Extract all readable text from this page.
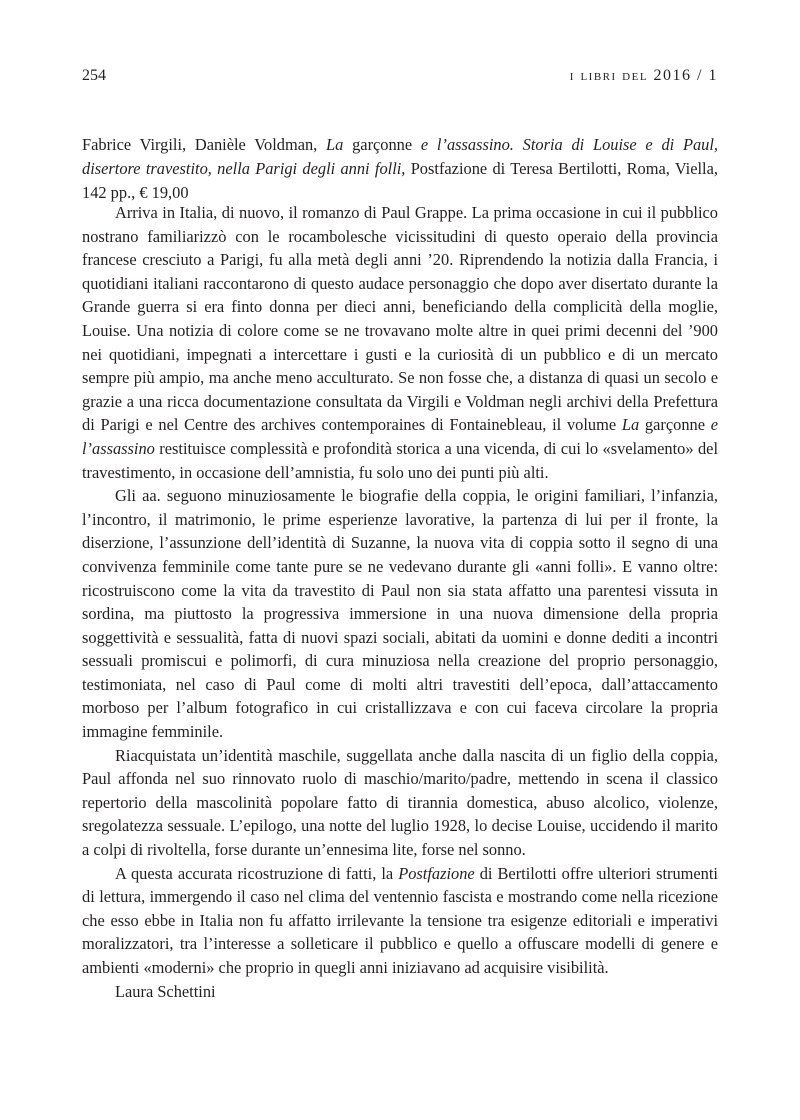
254	i libri del 2016 / 1

Fabrice Virgili, Danièle Voldman, La garçonne e l’assassino. Storia di Louise e di Paul, disertore travestito, nella Parigi degli anni folli, Postfazione di Teresa Bertilotti, Roma, Viella, 142 pp., € 19,00

Arriva in Italia, di nuovo, il romanzo di Paul Grappe. La prima occasione in cui il pubblico nostrano familiarizzò con le rocambolesche vicissitudini di questo operaio della provincia francese cresciuto a Parigi, fu alla metà degli anni ’20. Riprendendo la notizia dalla Francia, i quotidiani italiani raccontarono di questo audace personaggio che dopo aver disertato durante la Grande guerra si era finto donna per dieci anni, beneficiando della complicità della moglie, Louise. Una notizia di colore come se ne trovavano molte altre in quei primi decenni del ’900 nei quotidiani, impegnati a intercettare i gusti e la curiosità di un pubblico e di un mercato sempre più ampio, ma anche meno acculturato. Se non fosse che, a distanza di quasi un secolo e grazie a una ricca documentazione consultata da Virgili e Voldman negli archivi della Prefettura di Parigi e nel Centre des archives contemporaines di Fontainebleau, il volume La garçonne e l’assassino restituisce complessità e profondità storica a una vicenda, di cui lo «svelamento» del travestimento, in occasione dell’amnistia, fu solo uno dei punti più alti.

Gli aa. seguono minuziosamente le biografie della coppia, le origini familiari, l’infanzia, l’incontro, il matrimonio, le prime esperienze lavorative, la partenza di lui per il fronte, la diserzione, l’assunzione dell’identità di Suzanne, la nuova vita di coppia sotto il segno di una convivenza femminile come tante pure se ne vedevano durante gli «anni folli». E vanno oltre: ricostruiscono come la vita da travestito di Paul non sia stata affatto una parentesi vissuta in sordina, ma piuttosto la progressiva immersione in una nuova dimensione della propria soggettività e sessualità, fatta di nuovi spazi sociali, abitati da uomini e donne dediti a incontri sessuali promiscui e polimorfi, di cura minuziosa nella creazione del proprio personaggio, testimoniata, nel caso di Paul come di molti altri travestiti dell’epoca, dall’attaccamento morboso per l’album fotografico in cui cristallizzava e con cui faceva circolare la propria immagine femminile.

Riacquistata un’identità maschile, suggellata anche dalla nascita di un figlio della coppia, Paul affonda nel suo rinnovato ruolo di maschio/marito/padre, mettendo in scena il classico repertorio della mascolinità popolare fatto di tirannia domestica, abuso alcolico, violenze, sregolatezza sessuale. L’epilogo, una notte del luglio 1928, lo decise Louise, uccidendo il marito a colpi di rivoltella, forse durante un’ennesima lite, forse nel sonno.

A questa accurata ricostruzione di fatti, la Postfazione di Bertilotti offre ulteriori strumenti di lettura, immergendo il caso nel clima del ventennio fascista e mostrando come nella ricezione che esso ebbe in Italia non fu affatto irrilevante la tensione tra esigenze editoriali e imperativi moralizzatori, tra l’interesse a solleticare il pubblico e quello a offuscare modelli di genere e ambienti «moderni» che proprio in quegli anni iniziavano ad acquisire visibilità.

Laura Schettini
